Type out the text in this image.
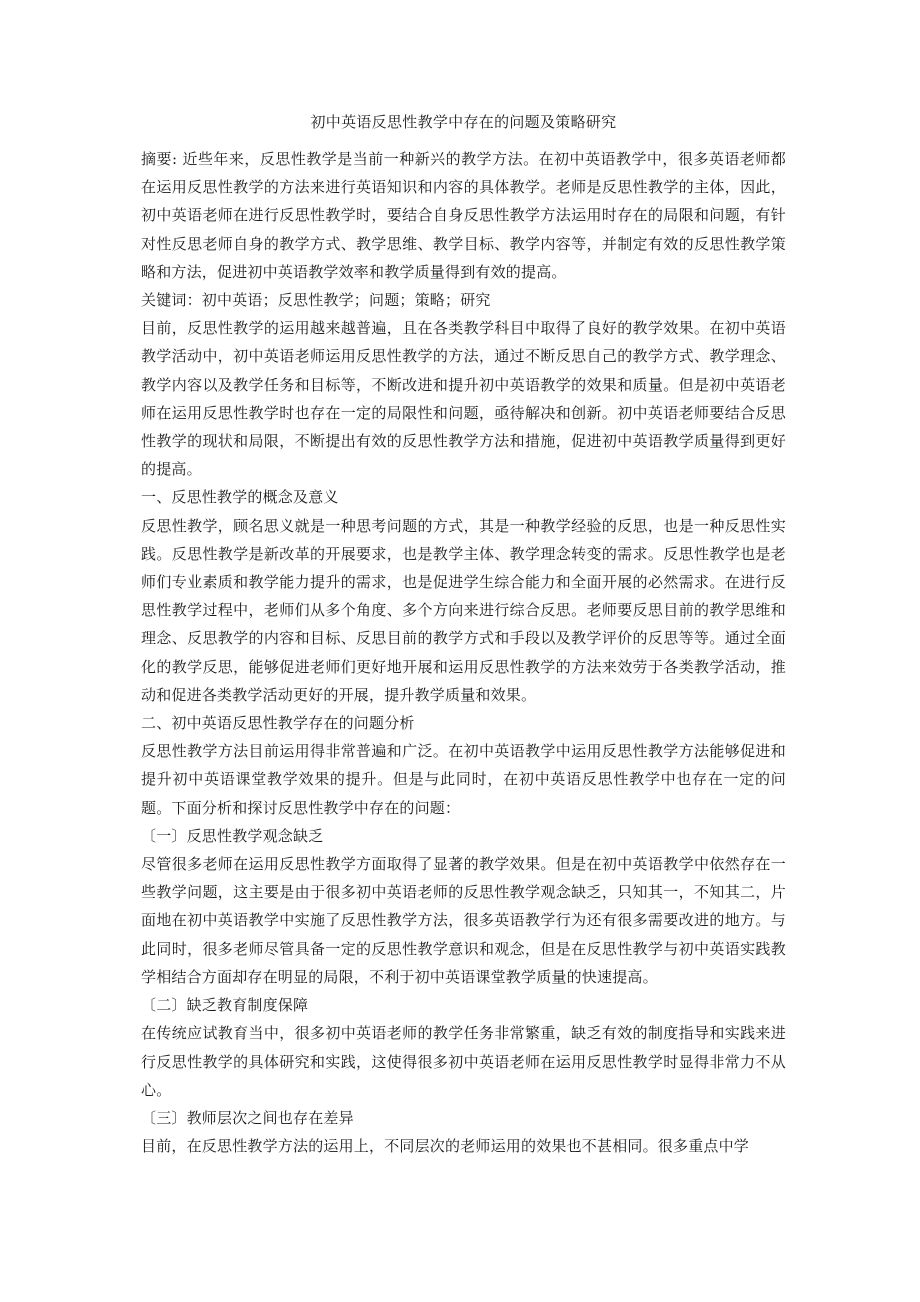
初中英语反思性教学中存在的问题及策略研究

摘要: 近些年来，反思性教学是当前一种新兴的教学方法。在初中英语教学中，很多英语老师都在运用反思性教学的方法来进行英语知识和内容的具体教学。老师是反思性教学的主体，因此，初中英语老师在进行反思性教学时，要结合自身反思性教学方法运用时存在的局限和问题，有针对性反思老师自身的教学方式、教学思维、教学目标、教学内容等，并制定有效的反思性教学策略和方法，促进初中英语教学效率和教学质量得到有效的提高。

关键词：初中英语；反思性教学；问题；策略；研究

目前，反思性教学的运用越来越普遍，且在各类教学科目中取得了良好的教学效果。在初中英语教学活动中，初中英语老师运用反思性教学的方法，通过不断反思自己的教学方式、教学理念、教学内容以及教学任务和目标等，不断改进和提升初中英语教学的效果和质量。但是初中英语老师在运用反思性教学时也存在一定的局限性和问题，亟待解决和创新。初中英语老师要结合反思性教学的现状和局限，不断提出有效的反思性教学方法和措施，促进初中英语教学质量得到更好的提高。

一、反思性教学的概念及意义

反思性教学，顾名思义就是一种思考问题的方式，其是一种教学经验的反思，也是一种反思性实践。反思性教学是新改革的开展要求，也是教学主体、教学理念转变的需求。反思性教学也是老师们专业素质和教学能力提升的需求，也是促进学生综合能力和全面开展的必然需求。在进行反思性教学过程中，老师们从多个角度、多个方向来进行综合反思。老师要反思目前的教学思维和理念、反思教学的内容和目标、反思目前的教学方式和手段以及教学评价的反思等等。通过全面化的教学反思，能够促进老师们更好地开展和运用反思性教学的方法来效劳于各类教学活动，推动和促进各类教学活动更好的开展，提升教学质量和效果。

二、初中英语反思性教学存在的问题分析

反思性教学方法目前运用得非常普遍和广泛。在初中英语教学中运用反思性教学方法能够促进和提升初中英语课堂教学效果的提升。但是与此同时，在初中英语反思性教学中也存在一定的问题。下面分析和探讨反思性教学中存在的问题：

〔一〕反思性教学观念缺乏

尽管很多老师在运用反思性教学方面取得了显著的教学效果。但是在初中英语教学中依然存在一些教学问题，这主要是由于很多初中英语老师的反思性教学观念缺乏，只知其一，不知其二，片面地在初中英语教学中实施了反思性教学方法，很多英语教学行为还有很多需要改进的地方。与此同时，很多老师尽管具备一定的反思性教学意识和观念，但是在反思性教学与初中英语实践教学相结合方面却存在明显的局限，不利于初中英语课堂教学质量的快速提高。

〔二〕缺乏教育制度保障

在传统应试教育当中，很多初中英语老师的教学任务非常繁重，缺乏有效的制度指导和实践来进行反思性教学的具体研究和实践，这使得很多初中英语老师在运用反思性教学时显得非常力不从心。

〔三〕教师层次之间也存在差异

目前，在反思性教学方法的运用上，不同层次的老师运用的效果也不甚相同。很多重点中学
